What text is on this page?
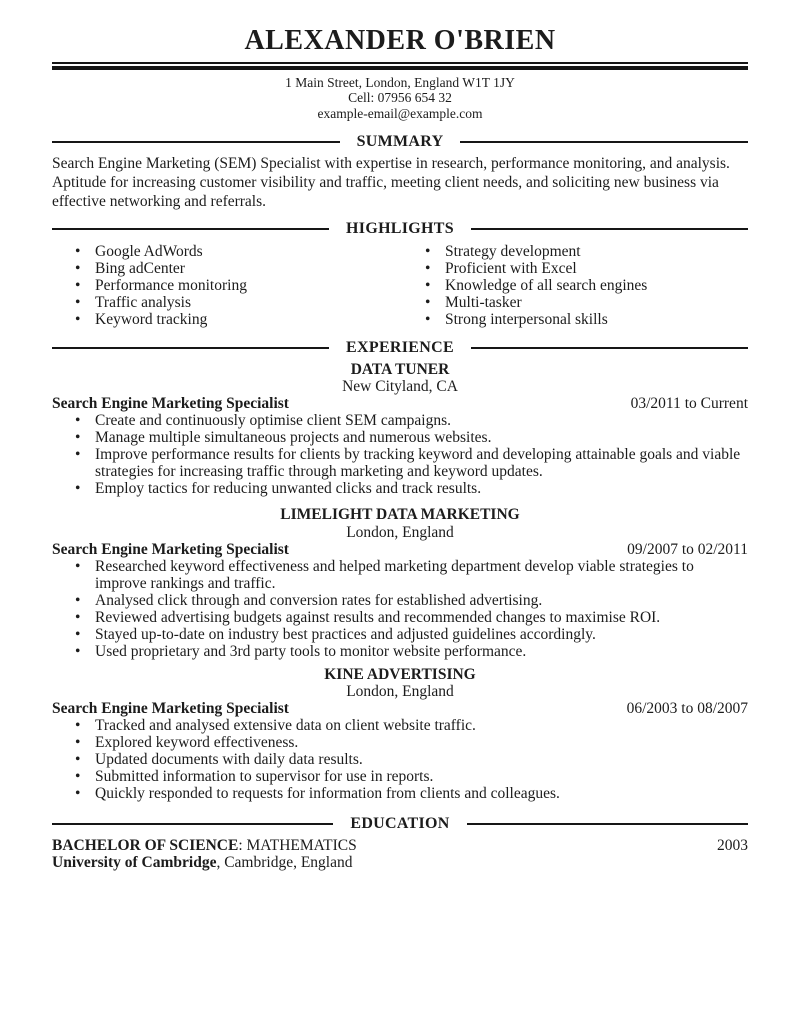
ALEXANDER O'BRIEN
1 Main Street, London, England W1T 1JY
Cell: 07956 654 32
example-email@example.com
SUMMARY
Search Engine Marketing (SEM) Specialist with expertise in research, performance monitoring, and analysis. Aptitude for increasing customer visibility and traffic, meeting client needs, and soliciting new business via effective networking and referrals.
HIGHLIGHTS
• Google AdWords
• Bing adCenter
• Performance monitoring
• Traffic analysis
• Keyword tracking
• Strategy development
• Proficient with Excel
• Knowledge of all search engines
• Multi-tasker
• Strong interpersonal skills
EXPERIENCE
DATA TUNER
New Cityland, CA
Search Engine Marketing Specialist	03/2011 to Current
• Create and continuously optimise client SEM campaigns.
• Manage multiple simultaneous projects and numerous websites.
• Improve performance results for clients by tracking keyword and developing attainable goals and viable strategies for increasing traffic through marketing and keyword updates.
• Employ tactics for reducing unwanted clicks and track results.
LIMELIGHT DATA MARKETING
London, England
Search Engine Marketing Specialist	09/2007 to 02/2011
• Researched keyword effectiveness and helped marketing department develop viable strategies to improve rankings and traffic.
• Analysed click through and conversion rates for established advertising.
• Reviewed advertising budgets against results and recommended changes to maximise ROI.
• Stayed up-to-date on industry best practices and adjusted guidelines accordingly.
• Used proprietary and 3rd party tools to monitor website performance.
KINE ADVERTISING
London, England
Search Engine Marketing Specialist	06/2003 to 08/2007
• Tracked and analysed extensive data on client website traffic.
• Explored keyword effectiveness.
• Updated documents with daily data results.
• Submitted information to supervisor for use in reports.
• Quickly responded to requests for information from clients and colleagues.
EDUCATION
BACHELOR OF SCIENCE: MATHEMATICS	2003
University of Cambridge, Cambridge, England
